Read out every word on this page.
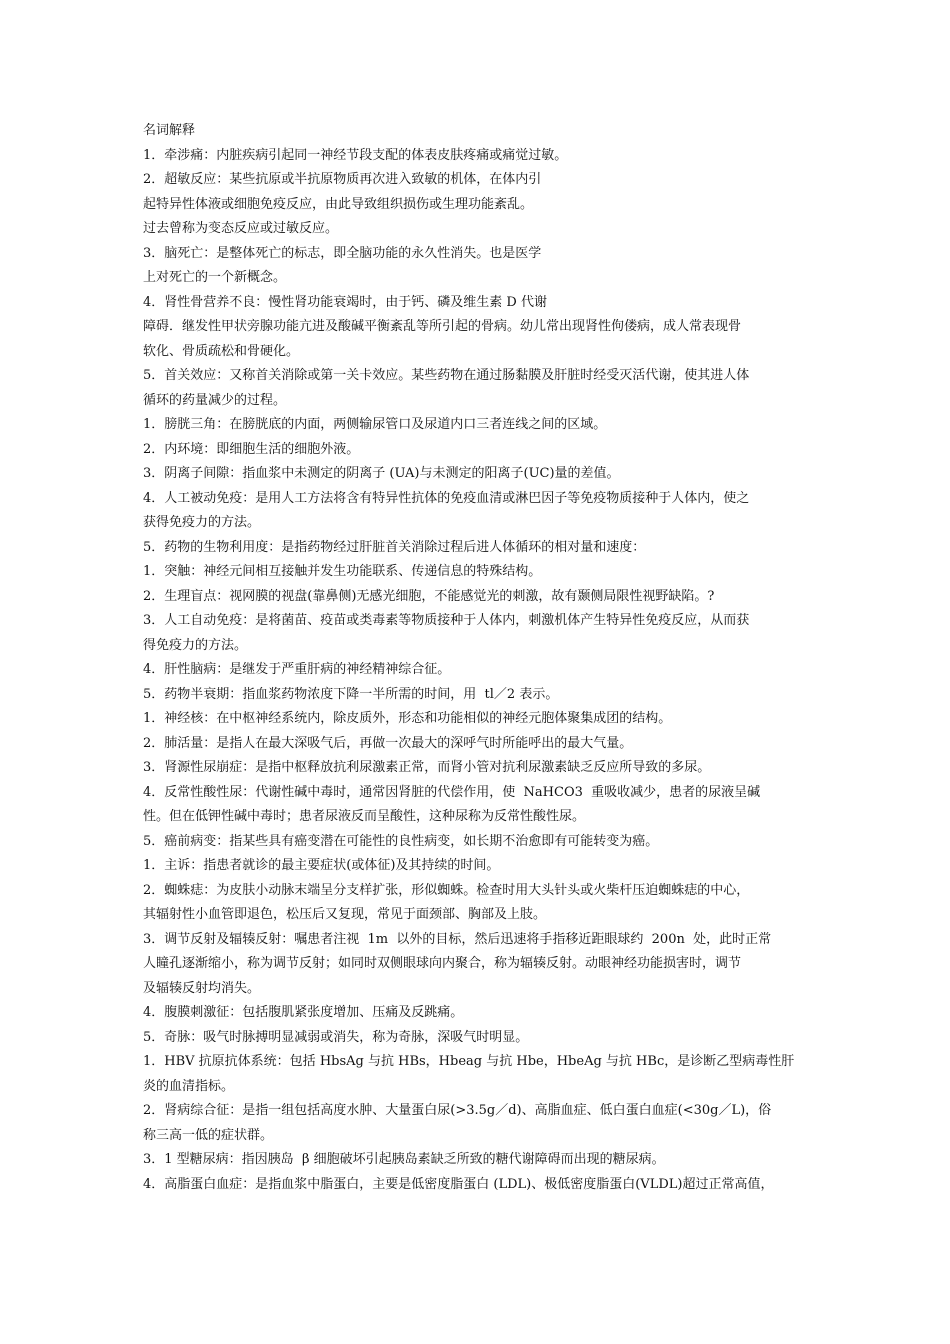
名词解释
1．牵涉痛：内脏疾病引起同一神经节段支配的体表皮肤疼痛或痛觉过敏。
2．超敏反应：某些抗原或半抗原物质再次进入致敏的机体，在体内引
起特异性体液或细胞免疫反应，由此导致组织损伤或生理功能紊乱。
过去曾称为变态反应或过敏反应。
3．脑死亡：是整体死亡的标志，即全脑功能的永久性消失。也是医学
上对死亡的一个新概念。
4．肾性骨营养不良：慢性肾功能衰竭时，由于钙、磷及维生素 D 代谢
障碍．继发性甲状旁腺功能亢进及酸碱平衡紊乱等所引起的骨病。幼儿常出现肾性佝偻病，成人常表现骨
软化、骨质疏松和骨硬化。
5．首关效应：又称首关消除或第一关卡效应。某些药物在通过肠黏膜及肝脏时经受灭活代谢，使其进人体
循环的药量减少的过程。
1．膀胱三角：在膀胱底的内面，两侧输尿管口及尿道内口三者连线之间的区域。
2．内环境：即细胞生活的细胞外液。
3．阴离子间隙：指血浆中未测定的阴离子 (UA)与未测定的阳离子(UC)量的差值。
4．人工被动免疫：是用人工方法将含有特异性抗体的免疫血清或淋巴因子等免疫物质接种于人体内，使之
获得免疫力的方法。
5．药物的生物利用度：是指药物经过肝脏首关消除过程后进人体循环的相对量和速度：
1．突触：神经元间相互接触并发生功能联系、传递信息的特殊结构。
2．生理盲点：视网膜的视盘(靠鼻侧)无感光细胞，不能感觉光的刺激，故有颞侧局限性视野缺陷。?
3．人工自动免疫：是将菌苗、疫苗或类毒素等物质接种于人体内，刺激机体产生特异性免疫反应，从而获
得免疫力的方法。
4．肝性脑病：是继发于严重肝病的神经精神综合征。
5．药物半衰期：指血浆药物浓度下降一半所需的时间，用  tl／2 表示。
1．神经核：在中枢神经系统内，除皮质外，形态和功能相似的神经元胞体聚集成团的结构。
2．肺活量：是指人在最大深吸气后，再做一次最大的深呼气时所能呼出的最大气量。
3．肾源性尿崩症：是指中枢释放抗利尿激素正常，而肾小管对抗利尿激素缺乏反应所导致的多尿。
4．反常性酸性尿：代谢性碱中毒时，通常因肾脏的代偿作用，使  NaHCO3  重吸收减少，患者的尿液呈碱
性。但在低钾性碱中毒时；患者尿液反而呈酸性，这种尿称为反常性酸性尿。
5．癌前病变：指某些具有癌变潜在可能性的良性病变，如长期不治愈即有可能转变为癌。
1．主诉：指患者就诊的最主要症状(或体征)及其持续的时间。
2．蜘蛛痣：为皮肤小动脉末端呈分支样扩张，形似蜘蛛。检查时用大头针头或火柴杆压迫蜘蛛痣的中心，
其辐射性小血管即退色，松压后又复现，常见于面颈部、胸部及上肢。
3．调节反射及辐辏反射：嘱患者注视  1m  以外的目标，然后迅速将手指移近距眼球约  200n  处，此时正常
人瞳孔逐渐缩小，称为调节反射；如同时双侧眼球向内聚合，称为辐辏反射。动眼神经功能损害时，调节
及辐辏反射均消失。
4．腹膜刺激征：包括腹肌紧张度增加、压痛及反跳痛。
5．奇脉：吸气时脉搏明显减弱或消失，称为奇脉，深吸气时明显。
1．HBV 抗原抗体系统：包括 HbsAg 与抗 HBs，Hbeag 与抗 Hbe，HbeAg 与抗 HBc，是诊断乙型病毒性肝
炎的血清指标。
2．肾病综合征：是指一组包括高度水肿、大量蛋白尿(>3.5g／d)、高脂血症、低白蛋白血症(<30g／L)，俗
称三高一低的症状群。
3．1 型糖尿病：指因胰岛  β 细胞破坏引起胰岛素缺乏所致的糖代谢障碍而出现的糖尿病。
4．高脂蛋白血症：是指血浆中脂蛋白，主要是低密度脂蛋白 (LDL)、极低密度脂蛋白(VLDL)超过正常高值，
